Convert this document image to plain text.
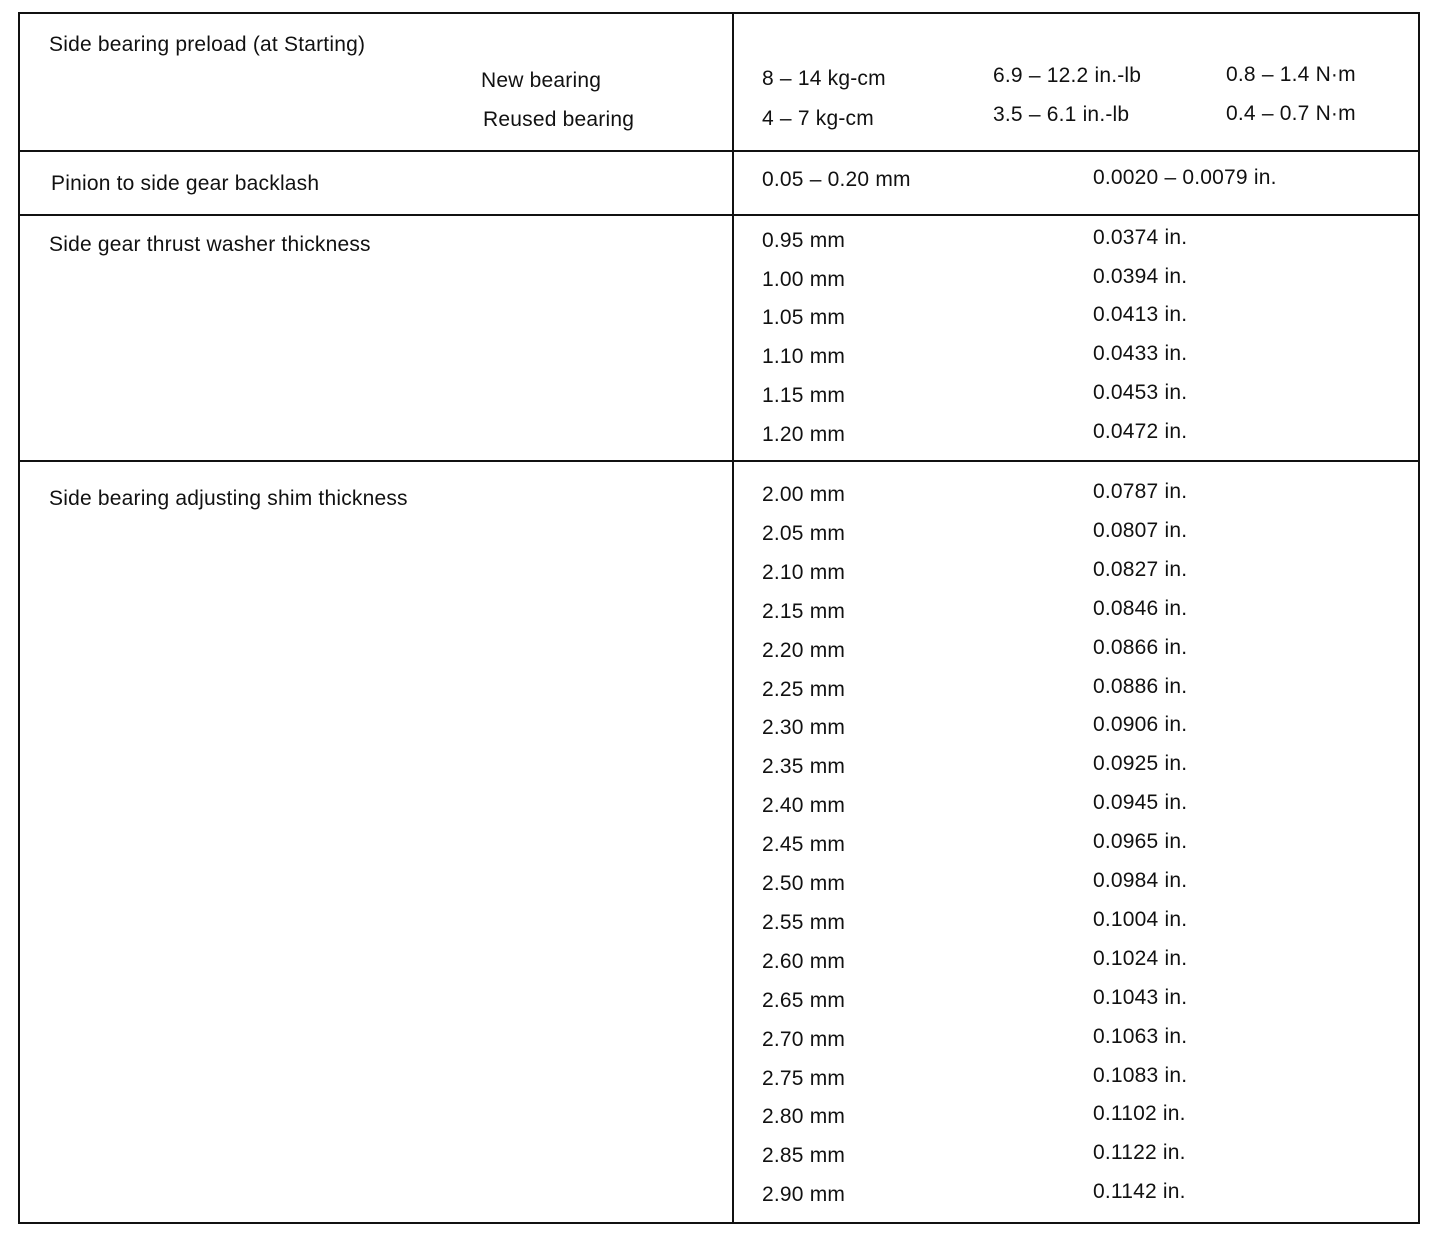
Side bearing preload (at Starting)
New bearing	8 – 14 kg-cm	6.9 – 12.2 in.-lb	0.8 – 1.4 N·m
Reused bearing	4 – 7 kg-cm	3.5 – 6.1 in.-lb	0.4 – 0.7 N·m
Pinion to side gear backlash	0.05 – 0.20 mm	0.0020 – 0.0079 in.
Side gear thrust washer thickness	0.95 mm	0.0374 in.
1.00 mm	0.0394 in.
1.05 mm	0.0413 in.
1.10 mm	0.0433 in.
1.15 mm	0.0453 in.
1.20 mm	0.0472 in.
Side bearing adjusting shim thickness	2.00 mm	0.0787 in.
2.05 mm	0.0807 in.
2.10 mm	0.0827 in.
2.15 mm	0.0846 in.
2.20 mm	0.0866 in.
2.25 mm	0.0886 in.
2.30 mm	0.0906 in.
2.35 mm	0.0925 in.
2.40 mm	0.0945 in.
2.45 mm	0.0965 in.
2.50 mm	0.0984 in.
2.55 mm	0.1004 in.
2.60 mm	0.1024 in.
2.65 mm	0.1043 in.
2.70 mm	0.1063 in.
2.75 mm	0.1083 in.
2.80 mm	0.1102 in.
2.85 mm	0.1122 in.
2.90 mm	0.1142 in.
